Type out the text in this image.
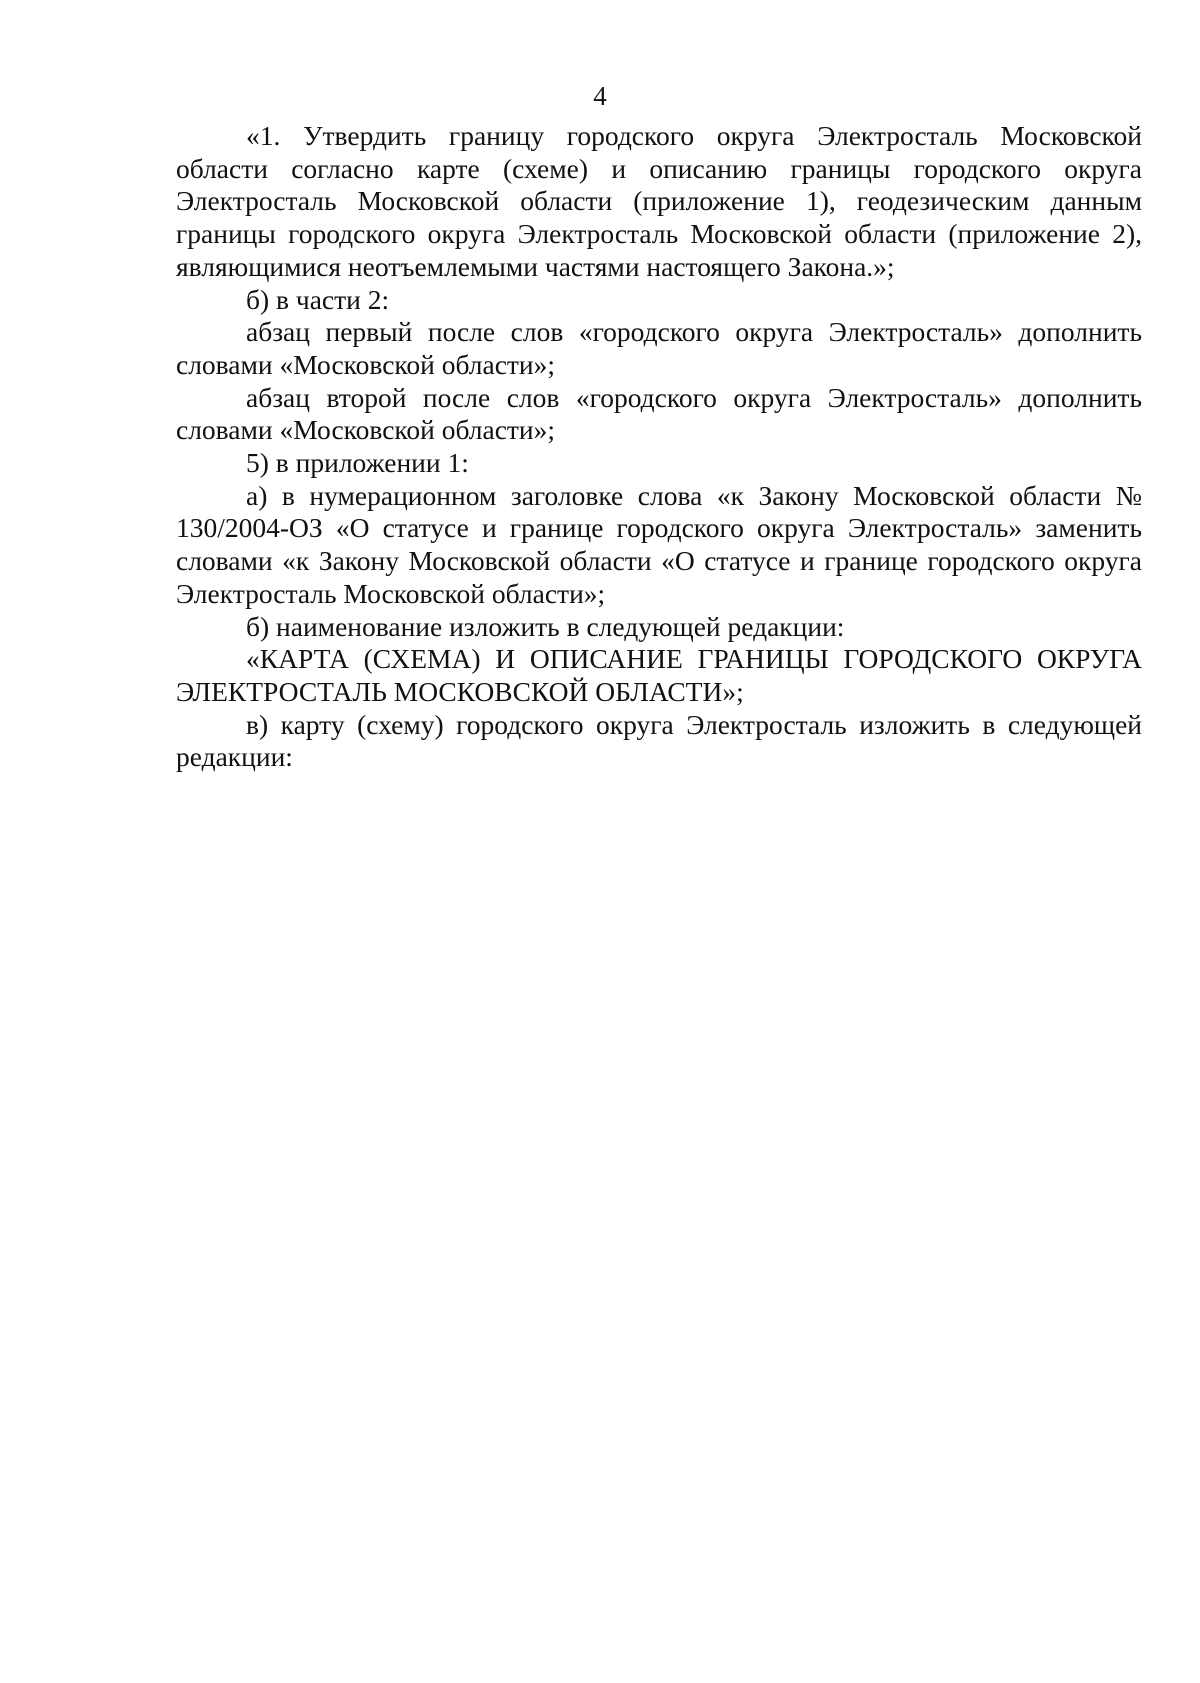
4

«1. Утвердить границу городского округа Электросталь Московской области согласно карте (схеме) и описанию границы городского округа Электросталь Московской области (приложение 1), геодезическим данным границы городского округа Электросталь Московской области (приложение 2), являющимися неотъемлемыми частями настоящего Закона.»;

б) в части 2:

абзац первый после слов «городского округа Электросталь» дополнить словами «Московской области»;

абзац второй после слов «городского округа Электросталь» дополнить словами «Московской области»;

5) в приложении 1:

а) в нумерационном заголовке слова «к Закону Московской области № 130/2004-ОЗ «О статусе и границе городского округа Электросталь» заменить словами «к Закону Московской области «О статусе и границе городского округа Электросталь Московской области»;

б) наименование изложить в следующей редакции:

«КАРТА (СХЕМА) И ОПИСАНИЕ ГРАНИЦЫ ГОРОДСКОГО ОКРУГА ЭЛЕКТРОСТАЛЬ МОСКОВСКОЙ ОБЛАСТИ»;

в) карту (схему) городского округа Электросталь изложить в следующей редакции:
